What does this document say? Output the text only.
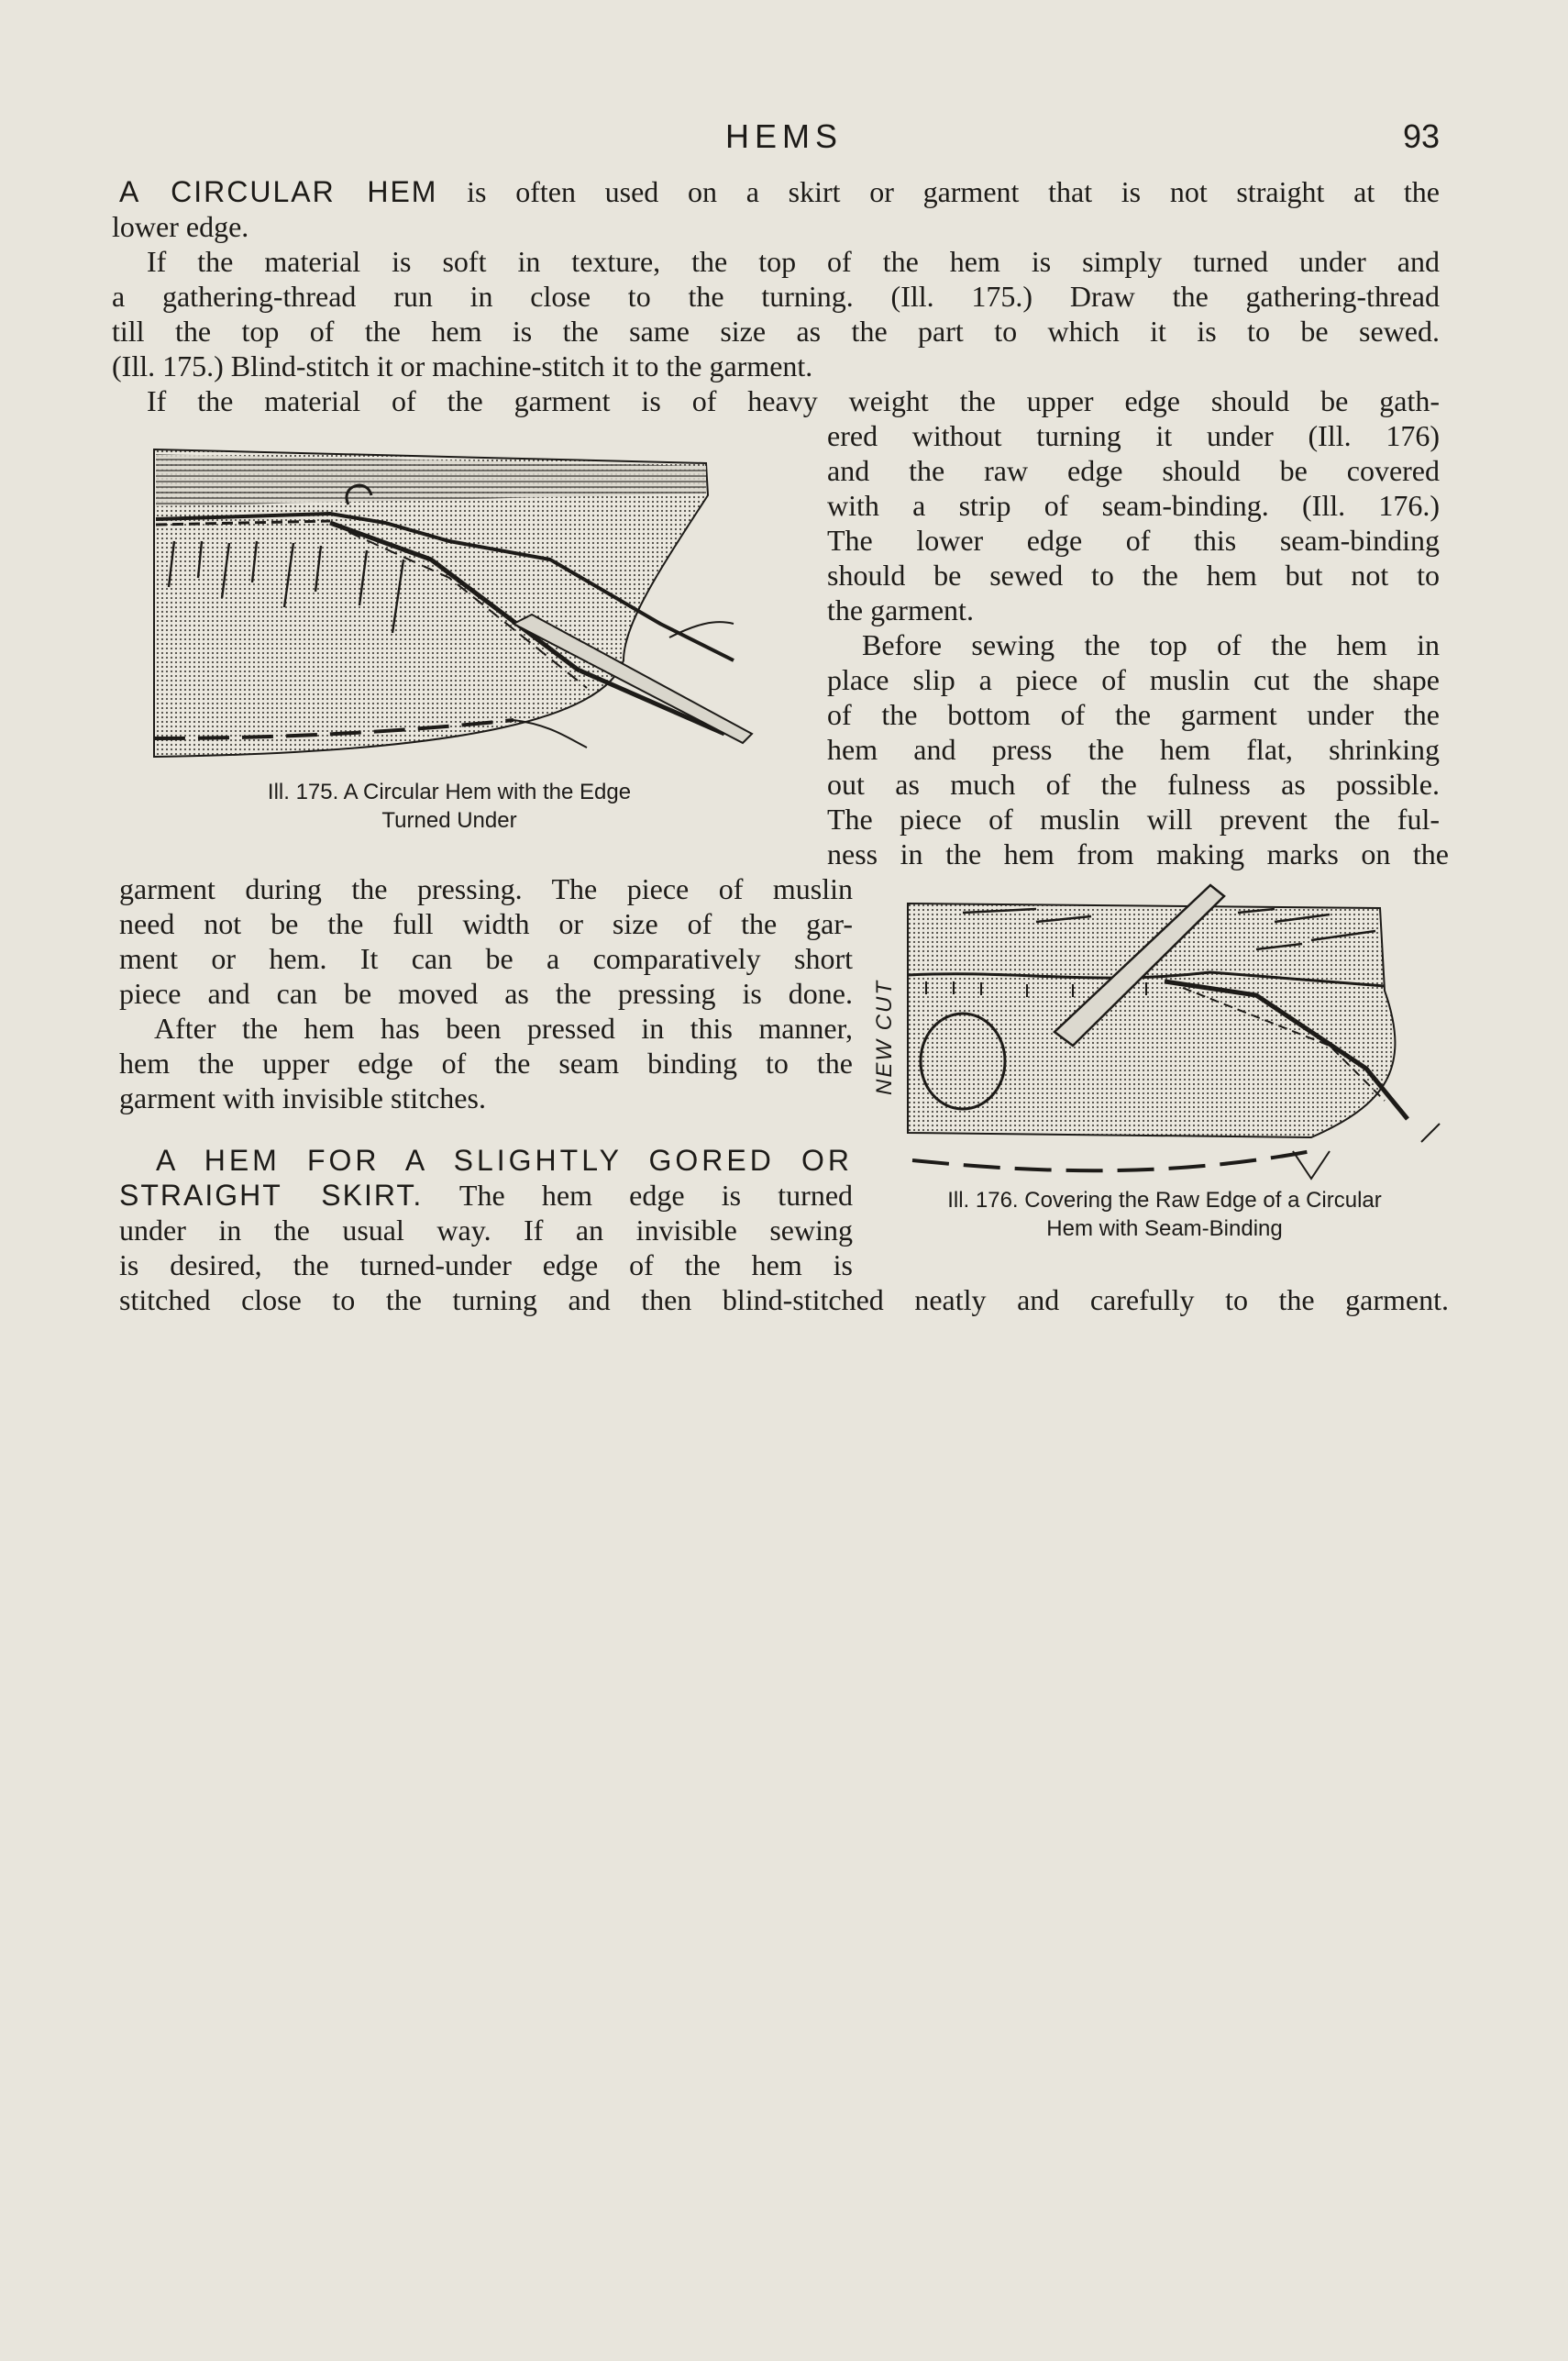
HEMS	93
A CIRCULAR HEM is often used on a skirt or garment that is not straight at the
lower edge.
If the material is soft in texture, the top of the hem is simply turned under and
a gathering-thread run in close to the turning. (Ill. 175.) Draw the gathering-thread
till the top of the hem is the same size as the part to which it is to be sewed.
(Ill. 175.) Blind-stitch it or machine-stitch it to the garment.
If the material of the garment is of heavy weight the upper edge should be gath-
ered without turning it under (Ill. 176)
and the raw edge should be covered
with a strip of seam-binding. (Ill. 176.)
The lower edge of this seam-binding
should be sewed to the hem but not to
the garment.
Before sewing the top of the hem in
place slip a piece of muslin cut the shape
of the bottom of the garment under the
hem and press the hem flat, shrinking
out as much of the fulness as possible.
The piece of muslin will prevent the ful-
ness in the hem from making marks on the
garment during the pressing. The piece of muslin
need not be the full width or size of the gar-
ment or hem. It can be a comparatively short
piece and can be moved as the pressing is done.
After the hem has been pressed in this manner,
hem the upper edge of the seam binding to the
garment with invisible stitches.
A HEM FOR A SLIGHTLY GORED OR
STRAIGHT SKIRT. The hem edge is turned
under in the usual way. If an invisible sewing
is desired, the turned-under edge of the hem is
stitched close to the turning and then blind-stitched neatly and carefully to the garment.
Ill. 175. A Circular Hem with the Edge
Turned Under
NEW CUT
Ill. 176. Covering the Raw Edge of a Circular
Hem with Seam-Binding
